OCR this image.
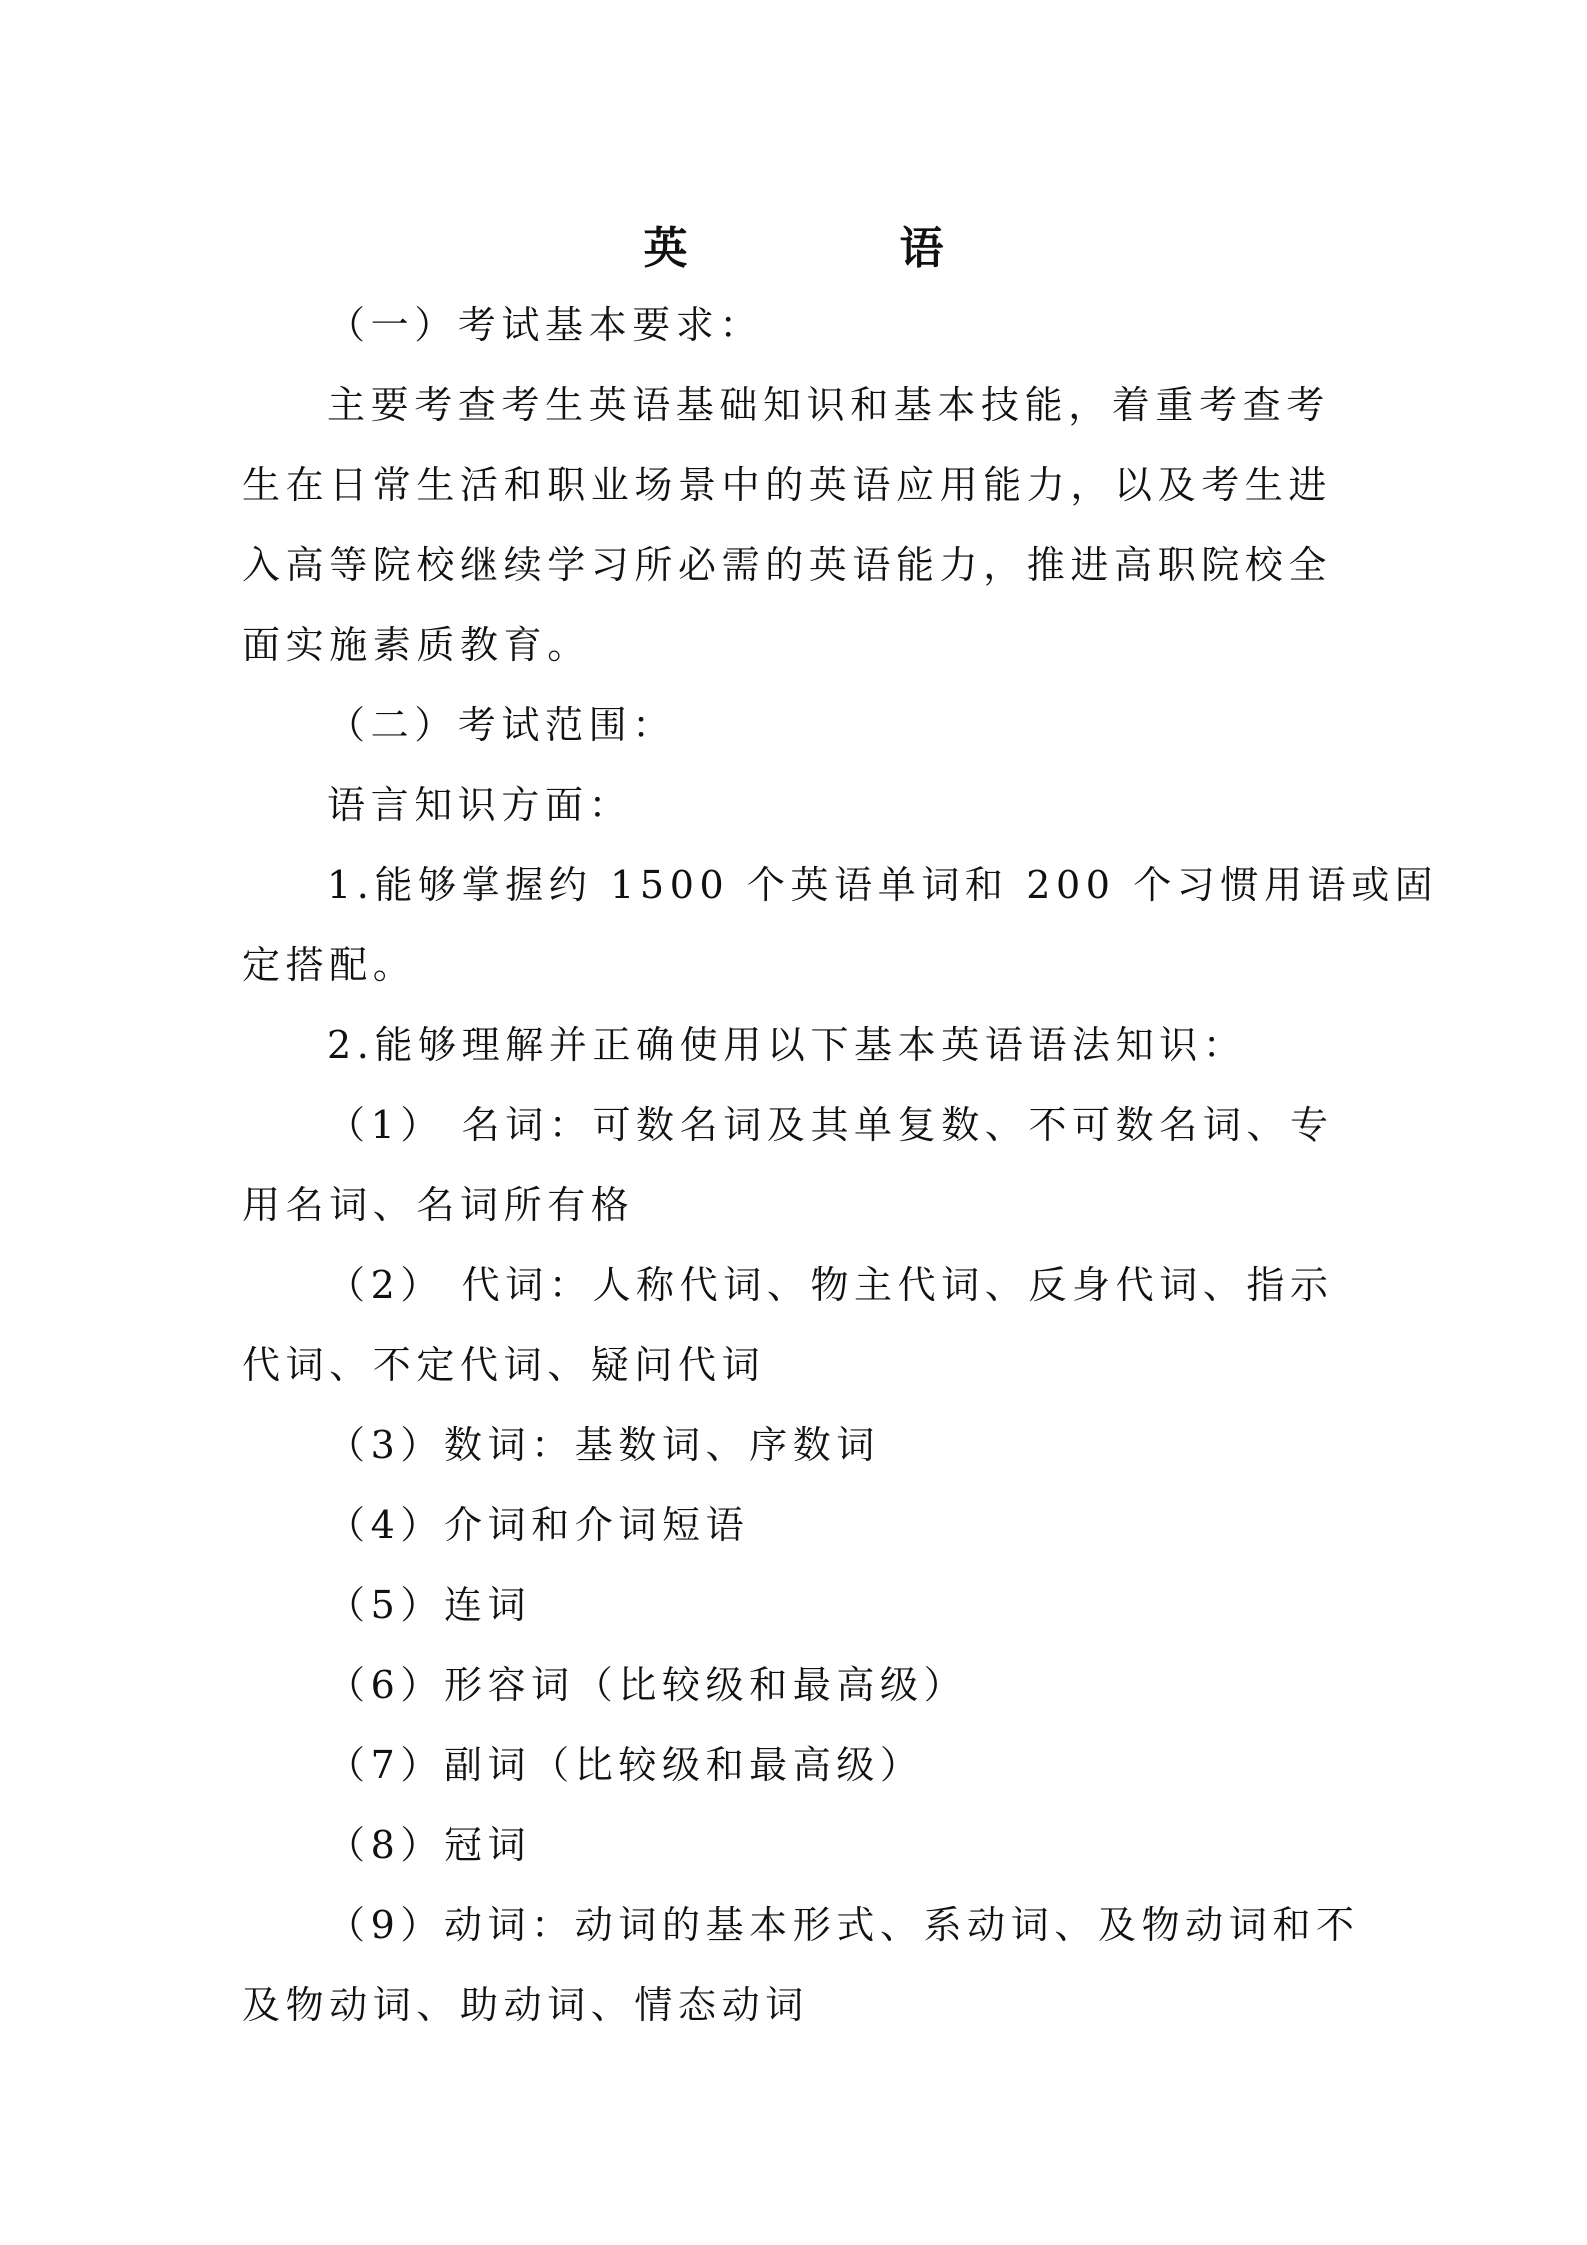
英　语
（一）考试基本要求：
主要考查考生英语基础知识和基本技能，着重考查考
生在日常生活和职业场景中的英语应用能力，以及考生进
入高等院校继续学习所必需的英语能力，推进高职院校全
面实施素质教育。
（二）考试范围：
语言知识方面：
1.能够掌握约 1500 个英语单词和 200 个习惯用语或固
定搭配。
2.能够理解并正确使用以下基本英语语法知识：
（1） 名词：可数名词及其单复数、不可数名词、专
用名词、名词所有格
（2） 代词：人称代词、物主代词、反身代词、指示
代词、不定代词、疑问代词
（3）数词：基数词、序数词
（4）介词和介词短语
（5）连词
（6）形容词（比较级和最高级）
（7）副词（比较级和最高级）
（8）冠词
（9）动词：动词的基本形式、系动词、及物动词和不
及物动词、助动词、情态动词
